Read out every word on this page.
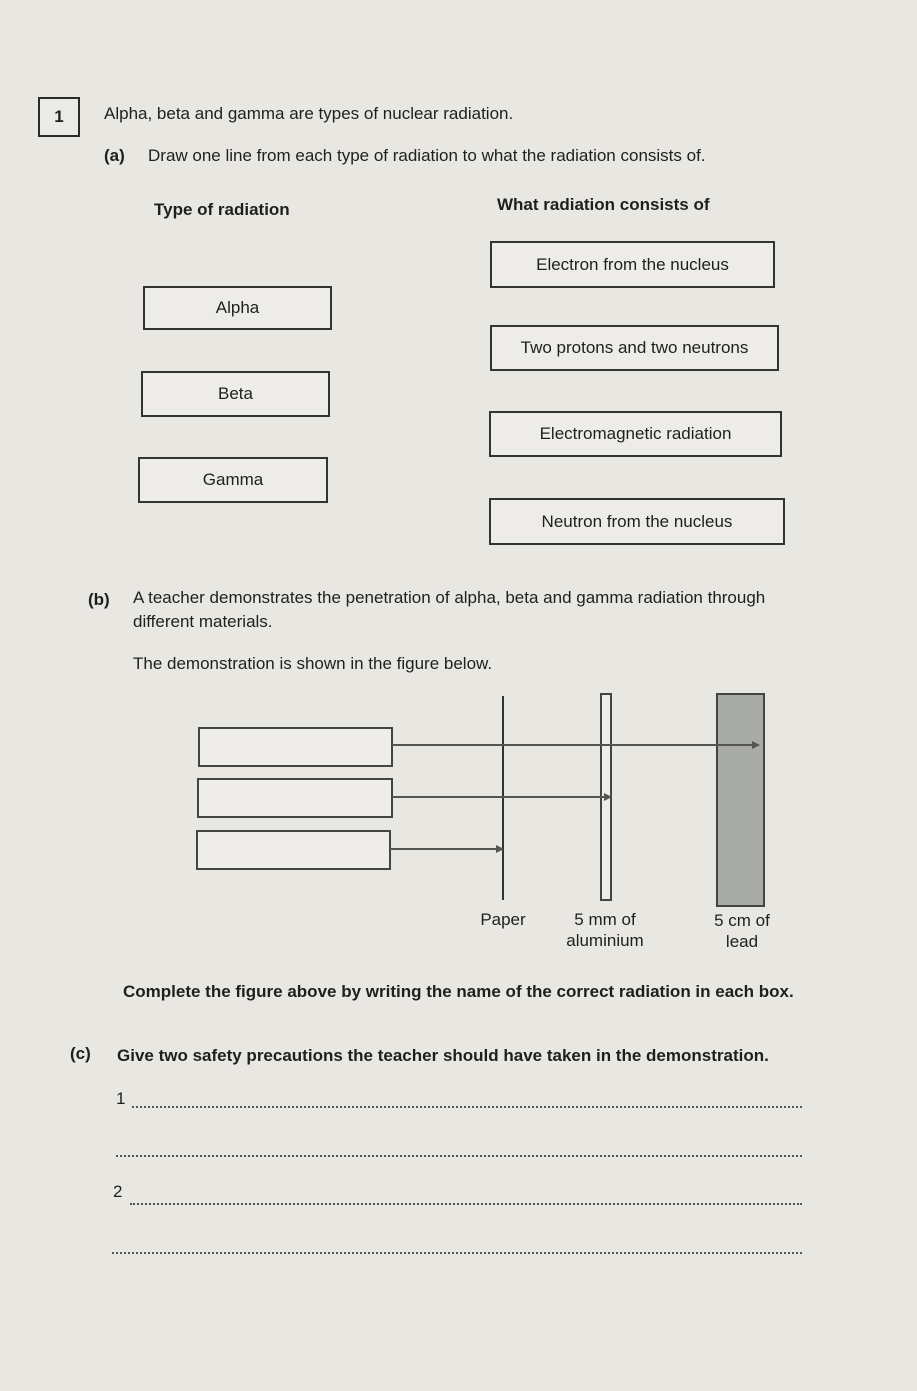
1	Alpha, beta and gamma are types of nuclear radiation.
(a) Draw one line from each type of radiation to what the radiation consists of.
Type of radiation	What radiation consists of
Alpha
Beta
Gamma
Electron from the nucleus
Two protons and two neutrons
Electromagnetic radiation
Neutron from the nucleus
(b) A teacher demonstrates the penetration of alpha, beta and gamma radiation through
different materials.
The demonstration is shown in the figure below.
Paper	5 mm of
aluminium
5 cm of
lead
Complete the figure above by writing the name of the correct radiation in each box.
(c) Give two safety precautions the teacher should have taken in the demonstration.
1
2
